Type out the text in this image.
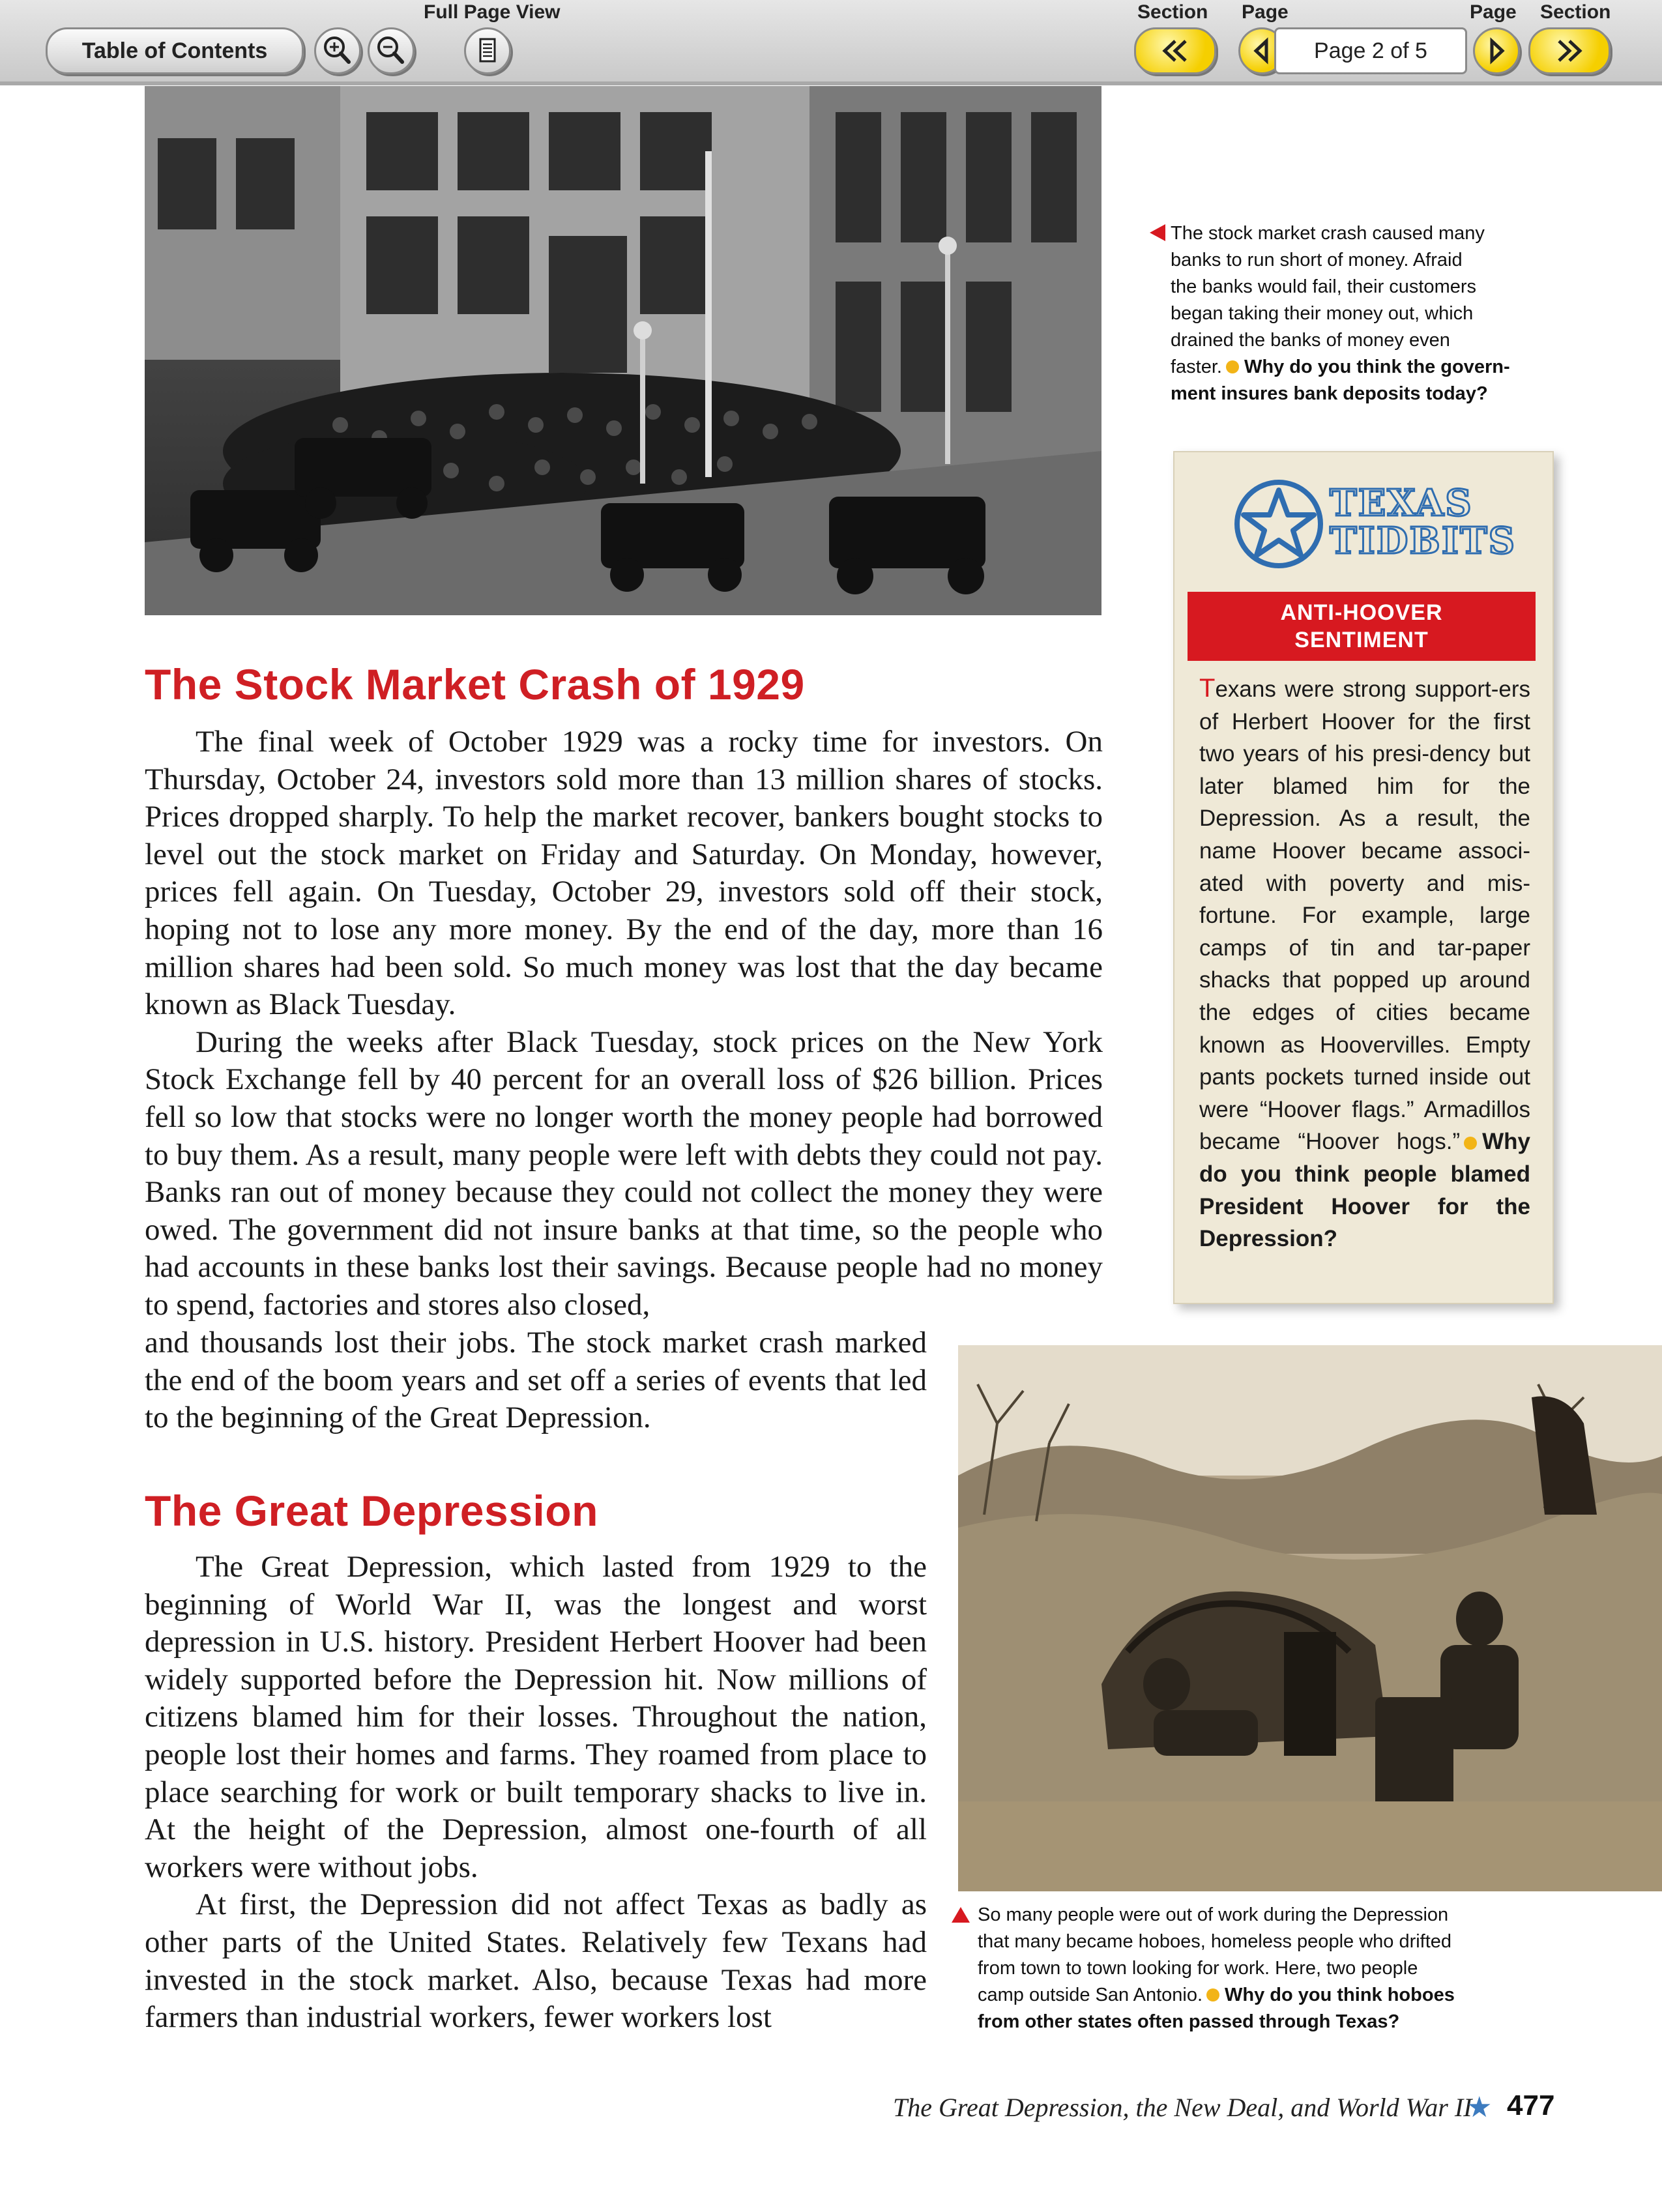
Full Page View	Section Page	Page Section
Table of Contents	Page 2 of 5
The stock market crash caused many
banks to run short of money. Afraid
the banks would fail, their customers
began taking their money out, which
drained the banks of money even
faster. Why do you think the govern-
ment insures bank deposits today?
TEXAS
TIDBITS
ANTI-HOOVER
SENTIMENT
Texans were strong support-ers of Herbert Hoover for the first two years of his presi-dency but later blamed him for the Depression. As a result, the name Hoover became associ-ated with poverty and mis-fortune. For example, large camps of tin and tar-paper shacks that popped up around the edges of cities became known as Hoovervilles. Empty pants pockets turned inside out were “Hoover flags.” Armadillos became “Hoover hogs.” Why do you think people blamed President Hoover for the Depression?
The Stock Market Crash of 1929

The final week of October 1929 was a rocky time for investors. On Thursday, October 24, investors sold more than 13 million shares of stocks. Prices dropped sharply. To help the market recover, bankers bought stocks to level out the stock market on Friday and Saturday. On Monday, however, prices fell again. On Tuesday, October 29, investors sold off their stock, hoping not to lose any more money. By the end of the day, more than 16 million shares had been sold. So much money was lost that the day became known as Black Tuesday.

During the weeks after Black Tuesday, stock prices on the New York Stock Exchange fell by 40 percent for an overall loss of $26 billion. Prices fell so low that stocks were no longer worth the money people had borrowed to buy them. As a result, many people were left with debts they could not pay. Banks ran out of money because they could not collect the money they were owed. The government did not insure banks at that time, so the people who had accounts in these banks lost their savings. Because people had no money to spend, factories and stores also closed,

and thousands lost their jobs. The stock market crash marked the end of the boom years and set off a series of events that led to the beginning of the Great Depression.

The Great Depression

The Great Depression, which lasted from 1929 to the beginning of World War II, was the longest and worst depression in U.S. history. President Herbert Hoover had been widely supported before the Depression hit. Now millions of citizens blamed him for their losses. Throughout the nation, people lost their homes and farms. They roamed from place to place searching for work or built temporary shacks to live in. At the height of the Depression, almost one-fourth of all workers were without jobs.

At first, the Depression did not affect Texas as badly as other parts of the United States. Relatively few Texans had invested in the stock market. Also, because Texas had more farmers than industrial workers, fewer workers lost

So many people were out of work during the Depression
that many became hoboes, homeless people who drifted
from town to town looking for work. Here, two people
camp outside San Antonio. Why do you think hoboes
from other states often passed through Texas?
The Great Depression, the New Deal, and World War II
★ 477
